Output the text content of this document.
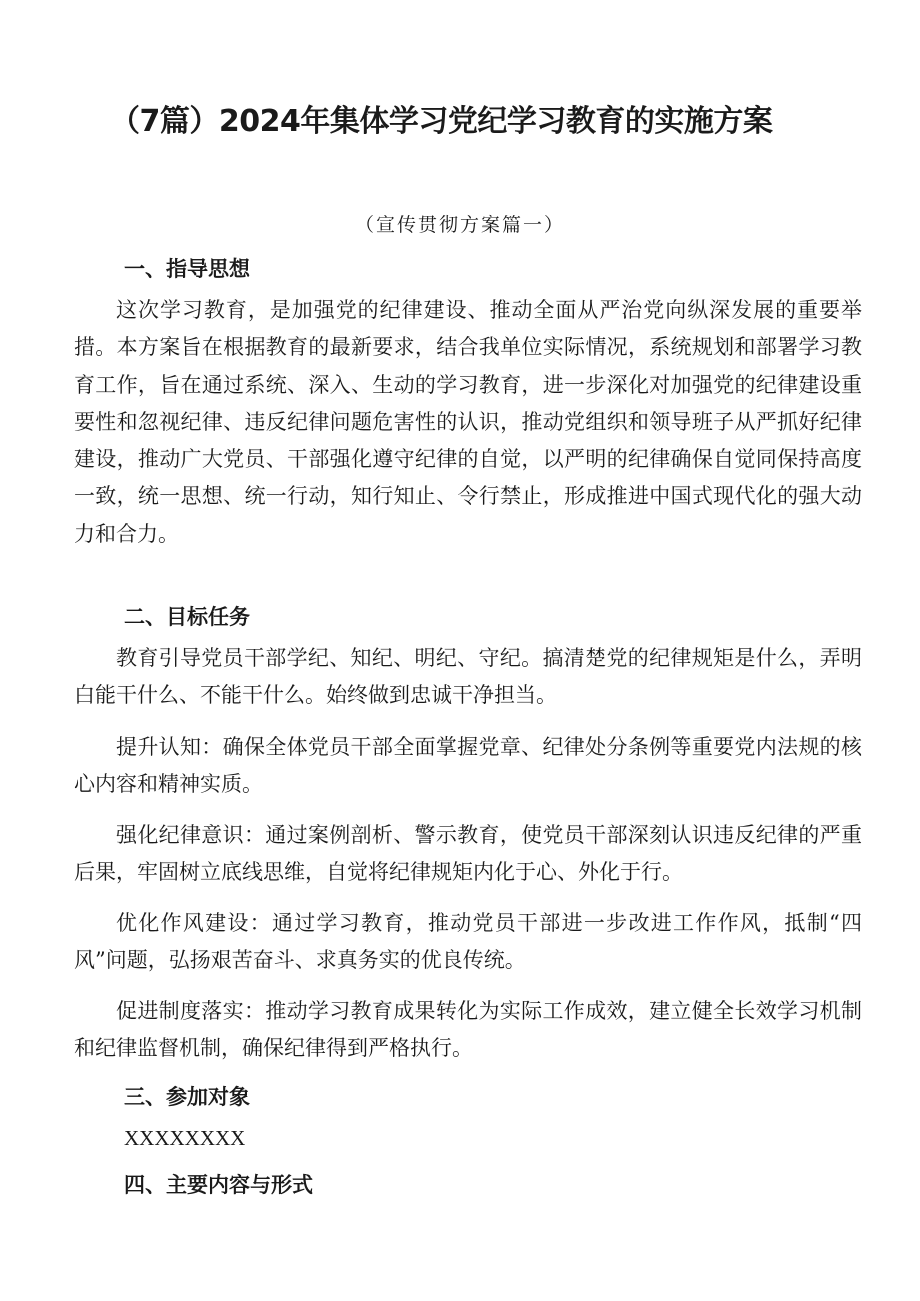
（7篇）2024年集体学习党纪学习教育的实施方案

（宣传贯彻方案篇一）

一、指导思想

这次学习教育，是加强党的纪律建设、推动全面从严治党向纵深发展的重要举措。本方案旨在根据教育的最新要求，结合我单位实际情况，系统规划和部署学习教育工作，旨在通过系统、深入、生动的学习教育，进一步深化对加强党的纪律建设重要性和忽视纪律、违反纪律问题危害性的认识，推动党组织和领导班子从严抓好纪律建设，推动广大党员、干部强化遵守纪律的自觉，以严明的纪律确保自觉同保持高度一致，统一思想、统一行动，知行知止、令行禁止，形成推进中国式现代化的强大动力和合力。

二、目标任务

教育引导党员干部学纪、知纪、明纪、守纪。搞清楚党的纪律规矩是什么，弄明白能干什么、不能干什么。始终做到忠诚干净担当。

提升认知：确保全体党员干部全面掌握党章、纪律处分条例等重要党内法规的核心内容和精神实质。

强化纪律意识：通过案例剖析、警示教育，使党员干部深刻认识违反纪律的严重后果，牢固树立底线思维，自觉将纪律规矩内化于心、外化于行。

优化作风建设：通过学习教育，推动党员干部进一步改进工作作风，抵制“四风”问题，弘扬艰苦奋斗、求真务实的优良传统。

促进制度落实：推动学习教育成果转化为实际工作成效，建立健全长效学习机制和纪律监督机制，确保纪律得到严格执行。

三、参加对象

XXXXXXXX

四、主要内容与形式
